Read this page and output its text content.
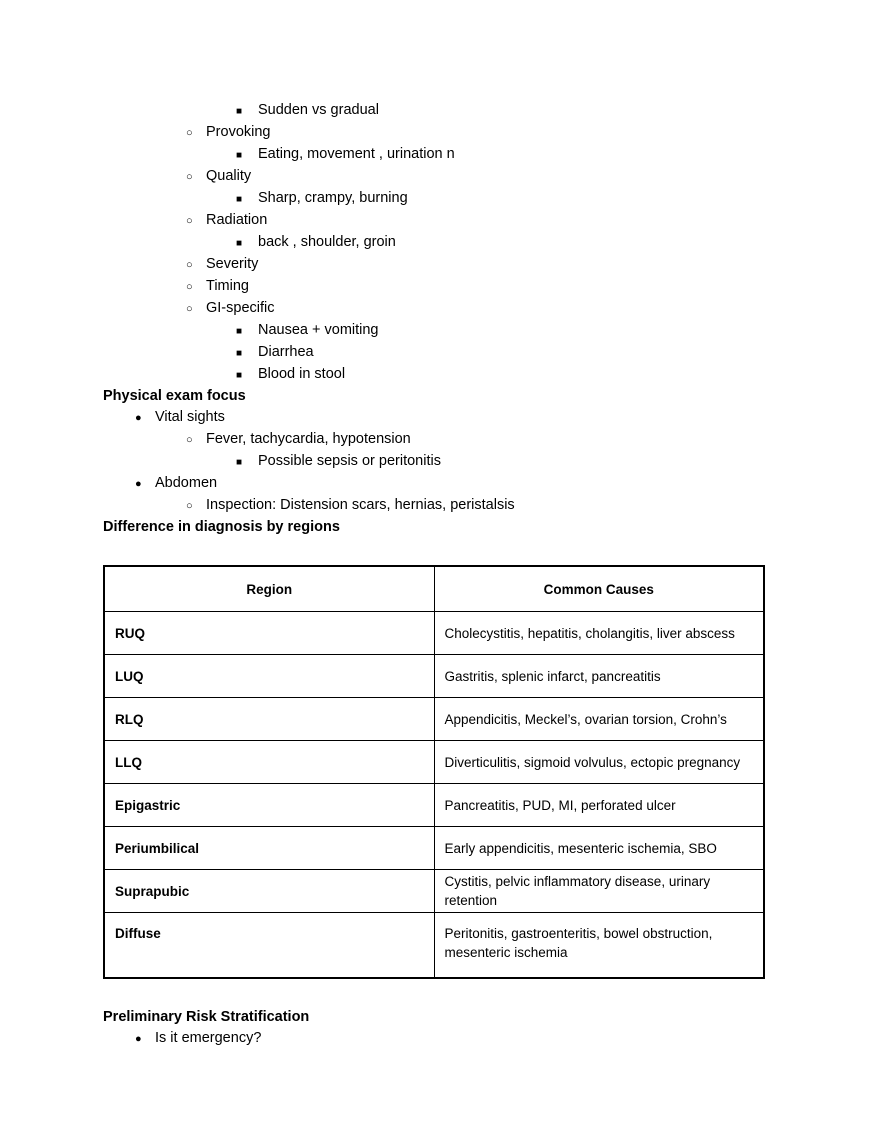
■	Sudden vs gradual
○ Provoking
■	Eating, movement , urination n
○ Quality
■	Sharp, crampy, burning
○ Radiation
■	back , shoulder, groin
○ Severity
○ Timing
○ GI-specific
■	Nausea + vomiting
■	Diarrhea
■	Blood in stool
Physical exam focus
● Vital sights
○ Fever, tachycardia, hypotension
■	Possible sepsis or peritonitis
● Abdomen
○ Inspection: Distension scars, hernias, peristalsis
Difference in diagnosis by regions
Region	Common Causes
RUQ	Cholecystitis, hepatitis, cholangitis, liver abscess
LUQ	Gastritis, splenic infarct, pancreatitis
RLQ	Appendicitis, Meckel’s, ovarian torsion, Crohn’s
LLQ	Diverticulitis, sigmoid volvulus, ectopic pregnancy
Epigastric	Pancreatitis, PUD, MI, perforated ulcer
Periumbilical	Early appendicitis, mesenteric ischemia, SBO
Suprapubic	Cystitis, pelvic inflammatory disease, urinary retention
Diffuse	Peritonitis, gastroenteritis, bowel obstruction, mesenteric ischemia
Preliminary Risk Stratification
● Is it emergency?
